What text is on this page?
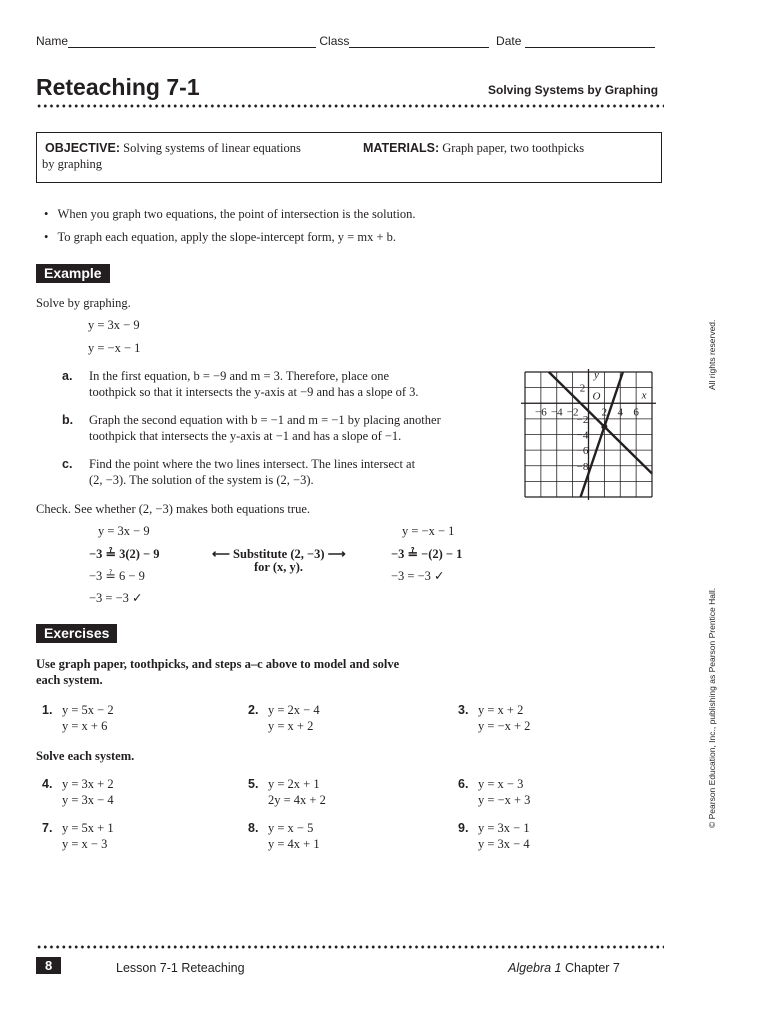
Name	Class	Date
Reteaching 7-1	Solving Systems by Graphing
OBJECTIVE: Solving systems of linear equations
by graphing
MATERIALS: Graph paper, two toothpicks
•   When you graph two equations, the point of intersection is the solution.
•   To graph each equation, apply the slope-intercept form, y = mx + b.
Example
Solve by graphing.
y = 3x − 9
y = −x − 1
a. In the first equation, b = −9 and m = 3. Therefore, place one
toothpick so that it intersects the y-axis at −9 and has a slope of 3.
b. Graph the second equation with b = −1 and m = −1 by placing another
toothpick that intersects the y-axis at −1 and has a slope of −1.
c. Find the point where the two lines intersect. The lines intersect at
(2, −3). The solution of the system is (2, −3).
−6 −4 −2 2 4 6
2
−2
−4
−6
−8
x
y
O
Check. See whether (2, −3) makes both equations true.
y = 3x − 9
−3 ≟ 3(2) − 9
−3 ≟ 6 − 9
−3 = −3 ✓
⟵ Substitute (2, −3) ⟶
for (x, y).
y = −x − 1
−3 ≟ −(2) − 1
−3 = −3 ✓
Exercises
Use graph paper, toothpicks, and steps a–c above to model and solve
each system.
Solve each system.
1. y = 5x − 2
y = x + 6
2. y = 2x − 4
y = x + 2
3. y = x + 2
y = −x + 2
4. y = 3x + 2
y = 3x − 4
5. y = 2x + 1
2y = 4x + 2
6. y = x − 3
y = −x + 3
7. y = 5x + 1
y = x − 3
8. y = x − 5
y = 4x + 1
9. y = 3x − 1
y = 3x − 4
All rights reserved.
© Pearson Education, Inc., publishing as Pearson Prentice Hall.
8	Lesson 7-1 Reteaching	Algebra 1 Chapter 7
